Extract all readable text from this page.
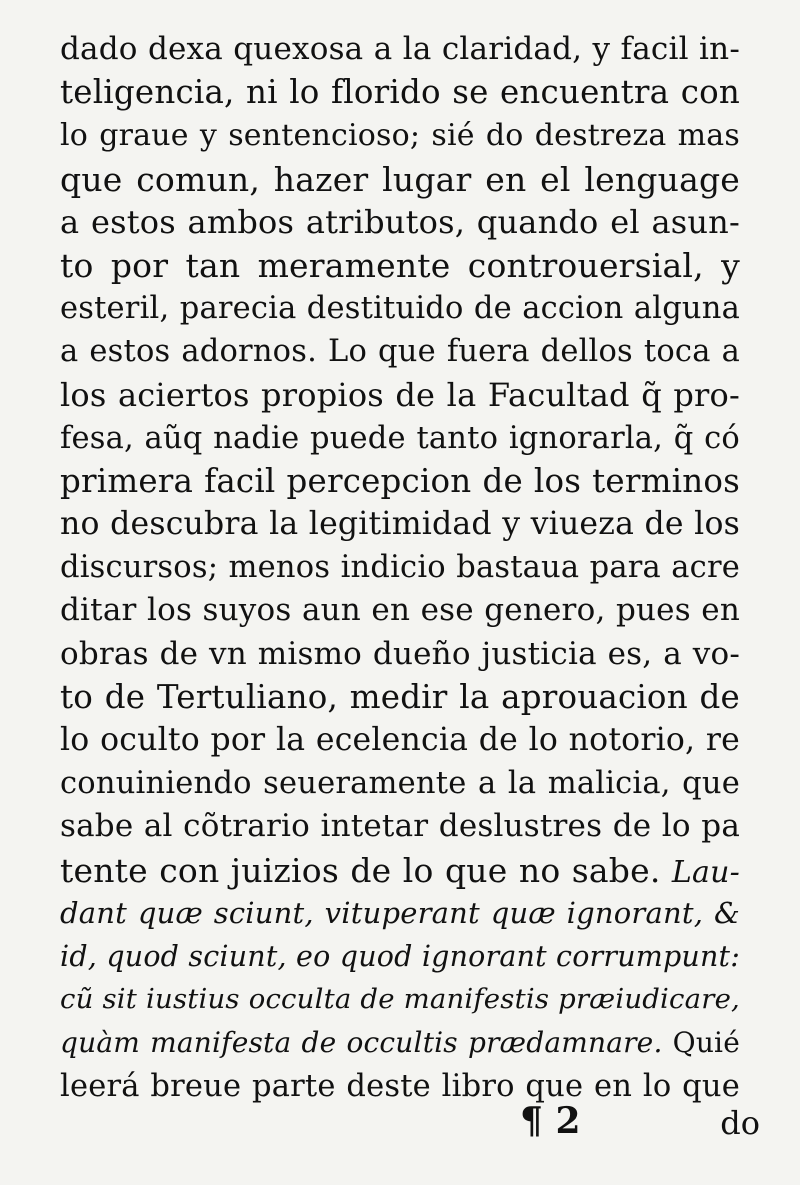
dado dexa quexosa a la claridad, y facil in-
teligencia, ni lo florido se encuentra con
lo graue y sentencioso; sié do destreza mas
que comun, hazer lugar en el lenguage
a estos ambos atributos, quando el asun-
to por tan meramente controuersial, y
esteril, parecia destituido de accion alguna
a estos adornos. Lo que fuera dellos toca a
los aciertos propios de la Facultad q̃ pro-
fesa, aũq nadie puede tanto ignorarla, q̃ có
primera facil percepcion de los terminos
no descubra la legitimidad y viueza de los
discursos; menos indicio bastaua para acre
ditar los suyos aun en ese genero, pues en
obras de vn mismo dueño justicia es, a vo-
to de Tertuliano, medir la aprouacion de
lo oculto por la ecelencia de lo notorio, re
conuiniendo seueramente a la malicia, que
sabe al cõtrario intetar deslustres de lo pa
tente con juizios de lo que no sabe. Lau-
dant quæ sciunt, vituperant quæ ignorant, &
id, quod sciunt, eo quod ignorant corrumpunt:
cũ sit iustius occulta de manifestis præiudicare,
quàm manifesta de occultis prædamnare. Quié
leerá breue parte deste libro que en lo que
¶ 2	do
